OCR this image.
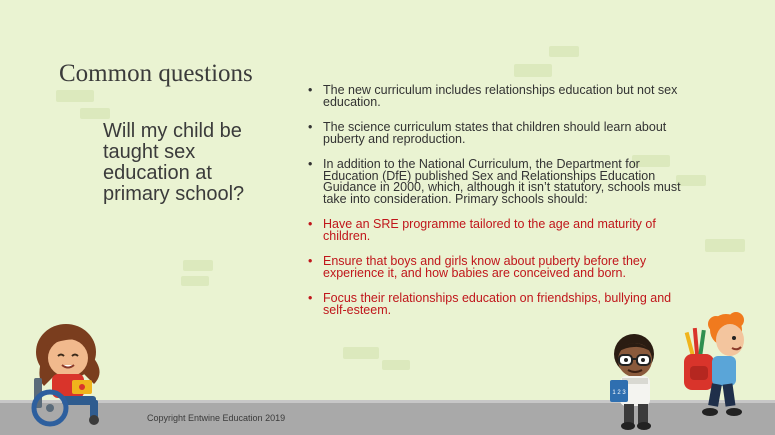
Common questions
Will my child be taught sex education at primary school?
• The new curriculum includes relationships education but not sex education.
• The science curriculum states that children should learn about puberty and reproduction.
• In addition to the National Curriculum, the Department for Education (DfE) published Sex and Relationships Education Guidance in 2000, which, although it isn’t statutory, schools must take into consideration. Primary schools should:
• Have an SRE programme tailored to the age and maturity of children.
• Ensure that boys and girls know about puberty before they experience it, and how babies are conceived and born.
• Focus their relationships education on friendships, bullying and self-esteem.
Copyright Entwine Education 2019
1 2 3
